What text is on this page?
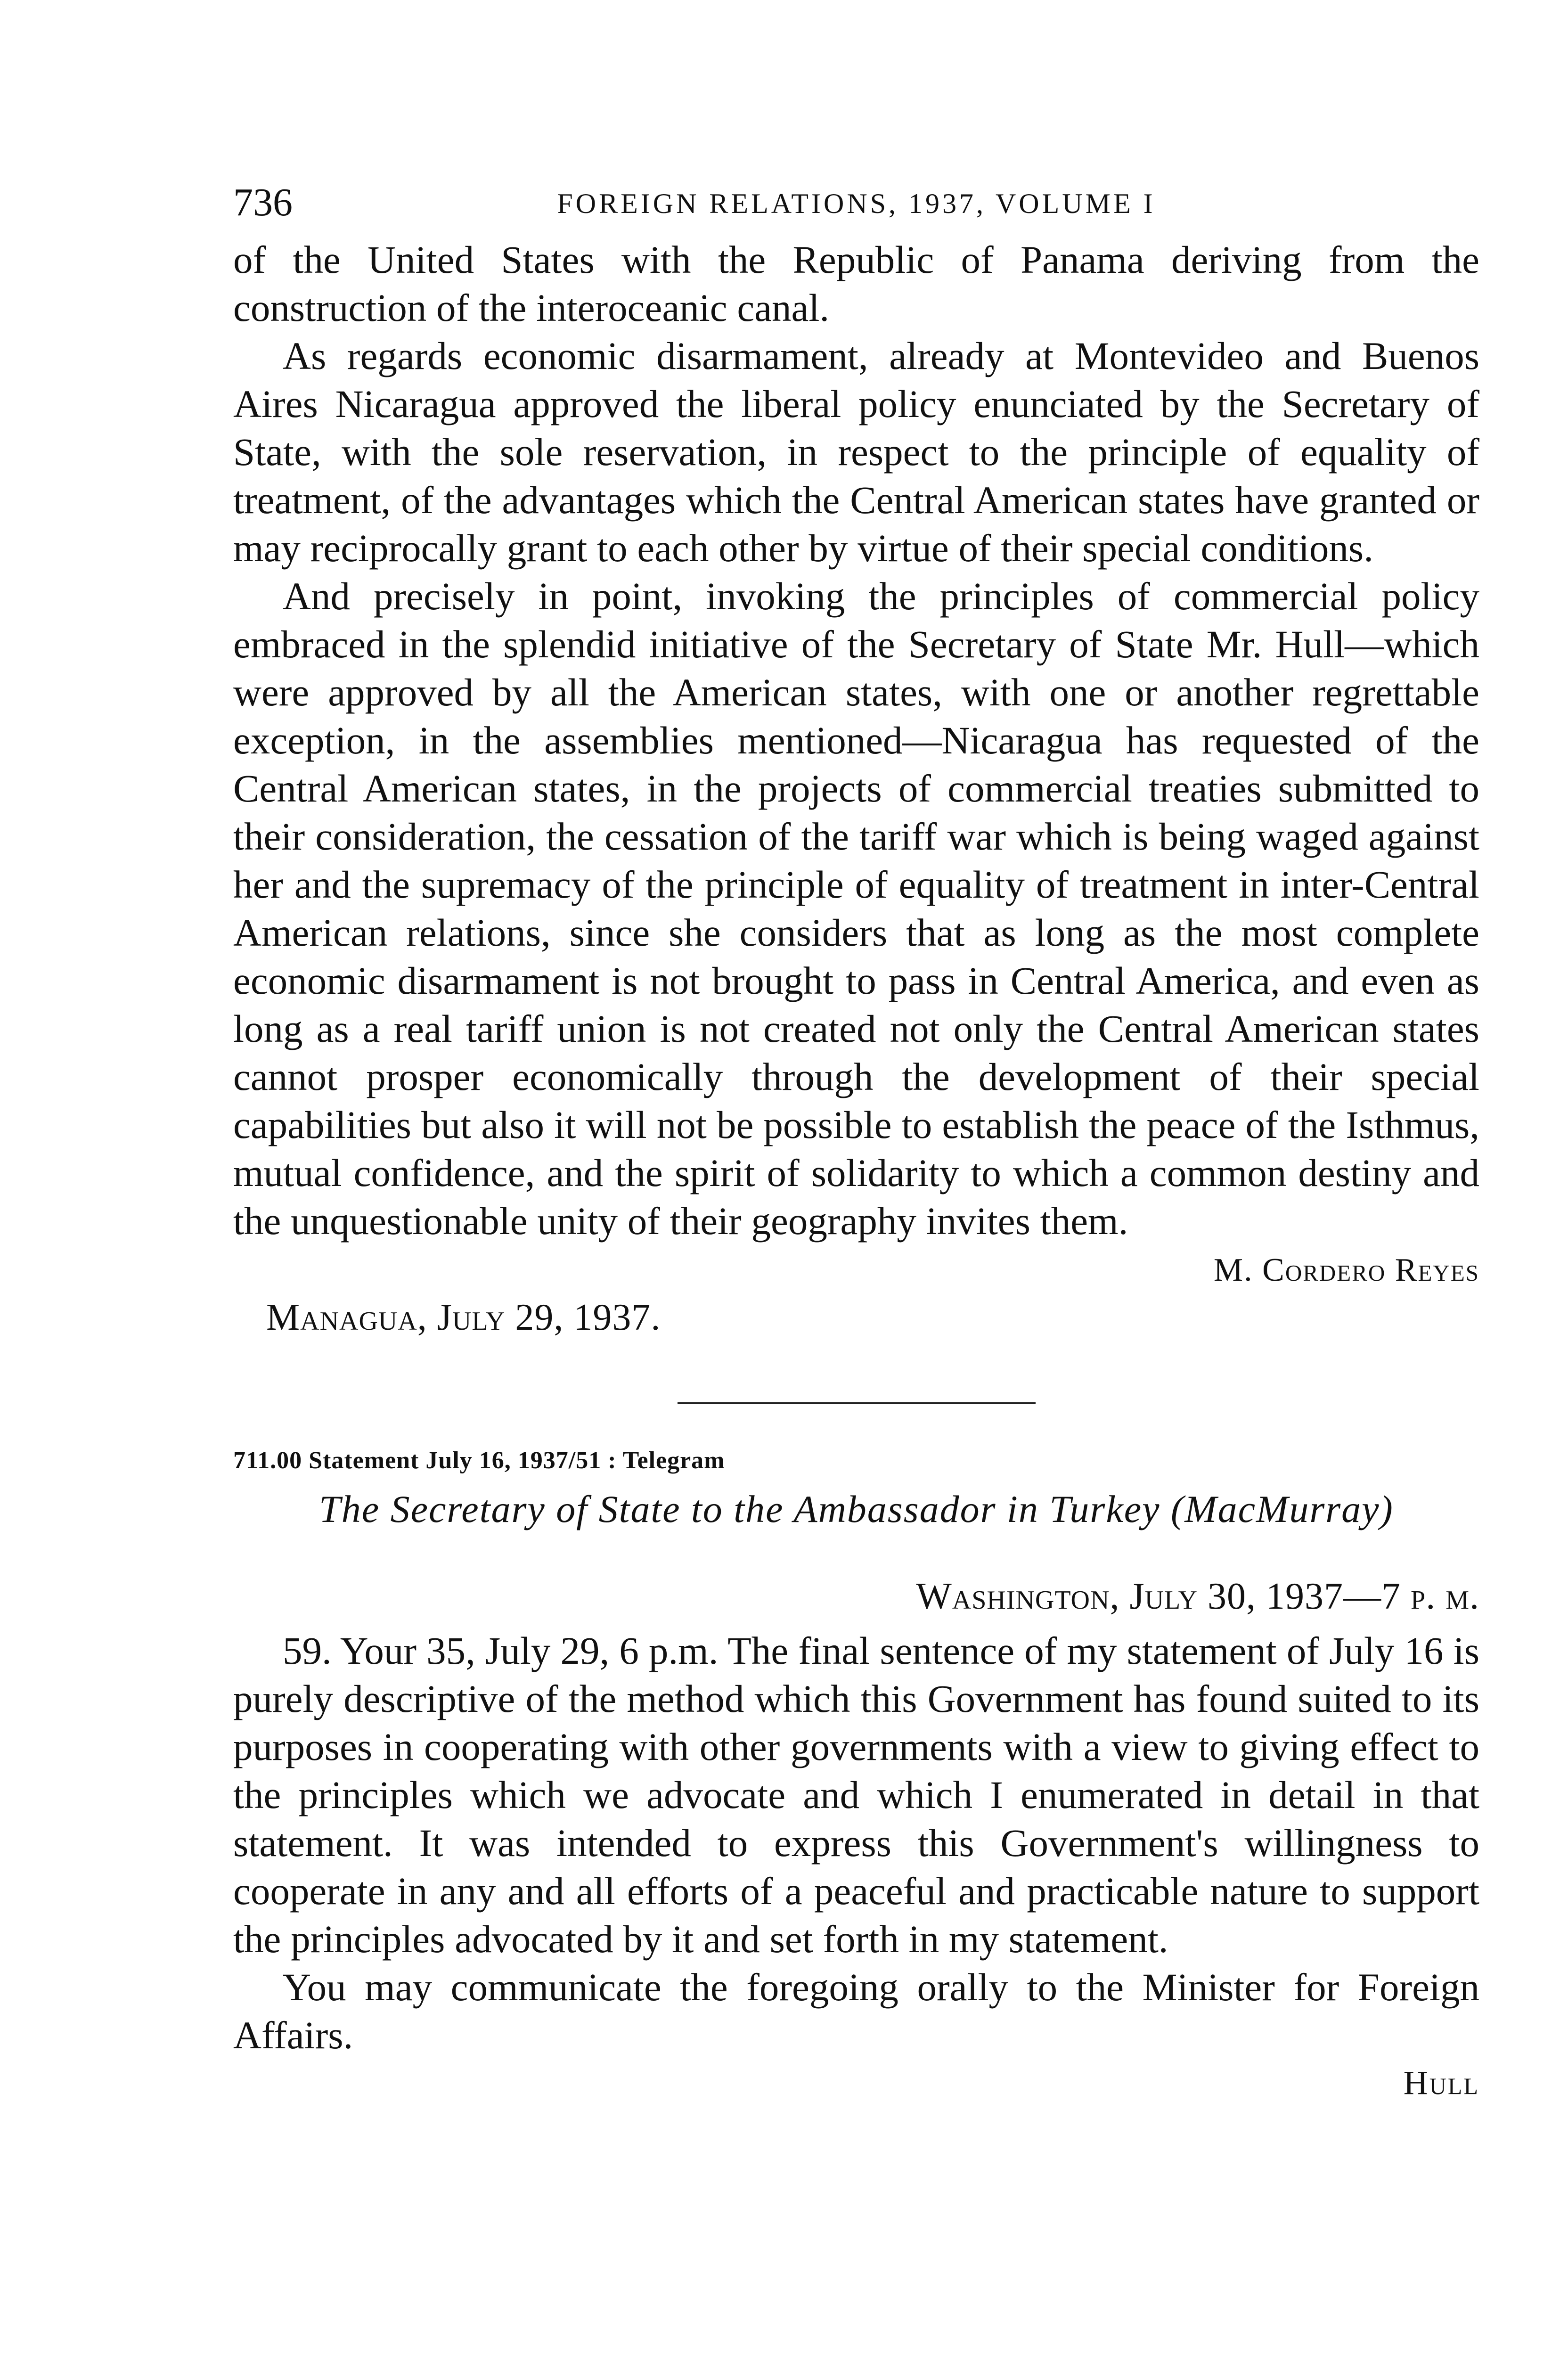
736	FOREIGN RELATIONS, 1937, VOLUME I

of the United States with the Republic of Panama deriving from the construction of the interoceanic canal.

As regards economic disarmament, already at Montevideo and Buenos Aires Nicaragua approved the liberal policy enunciated by the Secretary of State, with the sole reservation, in respect to the principle of equality of treatment, of the advantages which the Central American states have granted or may reciprocally grant to each other by virtue of their special conditions.

And precisely in point, invoking the principles of commercial policy embraced in the splendid initiative of the Secretary of State Mr. Hull—which were approved by all the American states, with one or another regrettable exception, in the assemblies mentioned—Nicaragua has requested of the Central American states, in the projects of commercial treaties submitted to their consideration, the cessation of the tariff war which is being waged against her and the supremacy of the principle of equality of treatment in inter-Central American relations, since she considers that as long as the most complete economic disarmament is not brought to pass in Central America, and even as long as a real tariff union is not created not only the Central American states cannot prosper economically through the development of their special capabilities but also it will not be possible to establish the peace of the Isthmus, mutual confidence, and the spirit of solidarity to which a common destiny and the unquestionable unity of their geography invites them.

M. Cordero Reyes
Managua, July 29, 1937.
711.00 Statement July 16, 1937/51 : Telegram
The Secretary of State to the Ambassador in Turkey (MacMurray)
Washington, July 30, 1937—7 p. m.

59. Your 35, July 29, 6 p.m. The final sentence of my statement of July 16 is purely descriptive of the method which this Government has found suited to its purposes in cooperating with other governments with a view to giving effect to the principles which we advocate and which I enumerated in detail in that statement. It was intended to express this Government's willingness to cooperate in any and all efforts of a peaceful and practicable nature to support the principles advocated by it and set forth in my statement.

You may communicate the foregoing orally to the Minister for Foreign Affairs.

Hull
